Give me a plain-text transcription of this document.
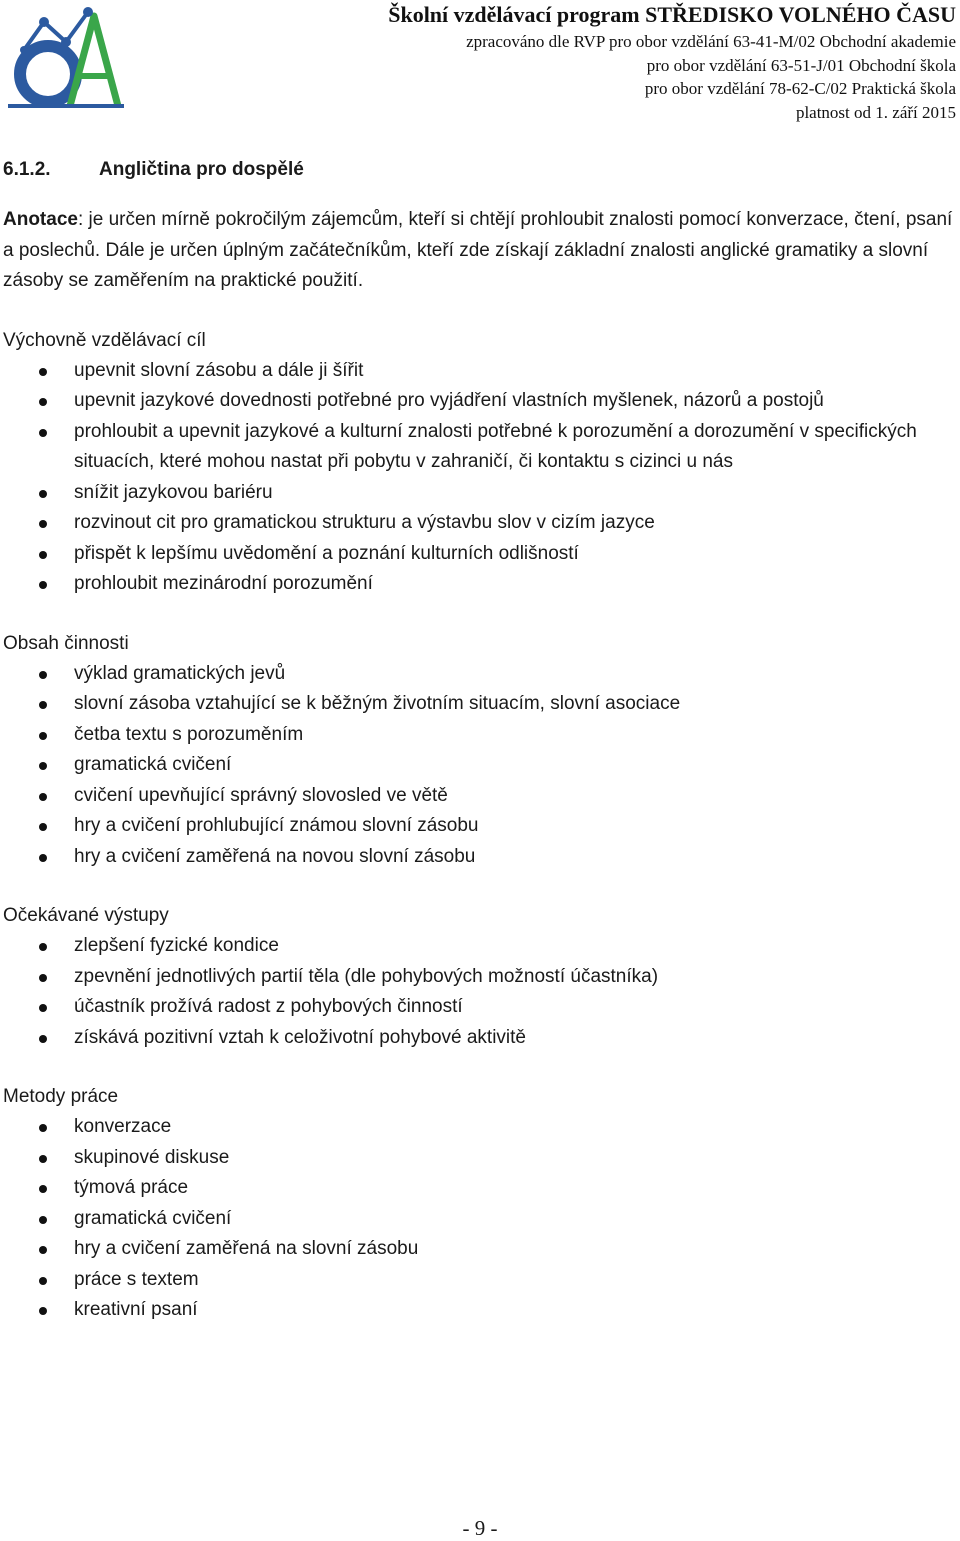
Školní vzdělávací program STŘEDISKO VOLNÉHO ČASU
zpracováno dle RVP pro obor vzdělání 63-41-M/02 Obchodní akademie
pro obor vzdělání 63-51-J/01 Obchodní škola
pro obor vzdělání 78-62-C/02 Praktická škola
platnost od 1. září 2015
6.1.2.	Angličtina pro dospělé

Anotace: je určen mírně pokročilým zájemcům, kteří si chtějí prohloubit znalosti pomocí konverzace, čtení, psaní a poslechů. Dále je určen úplným začátečníkům, kteří zde získají základní znalosti anglické gramatiky a slovní zásoby se zaměřením na praktické použití.

Výchovně vzdělávací cíl
upevnit slovní zásobu a dále ji šířit
upevnit jazykové dovednosti potřebné pro vyjádření vlastních myšlenek, názorů a postojů
prohloubit a upevnit jazykové a kulturní znalosti potřebné k porozumění a dorozumění v specifických situacích, které mohou nastat při pobytu v zahraničí, či kontaktu s cizinci u nás
snížit jazykovou bariéru
rozvinout cit pro gramatickou strukturu a výstavbu slov v cizím jazyce
přispět k lepšímu uvědomění a poznání kulturních odlišností
prohloubit mezinárodní porozumění
Obsah činnosti
výklad gramatických jevů
slovní zásoba vztahující se k běžným životním situacím, slovní asociace
četba textu s porozuměním
gramatická cvičení
cvičení upevňující správný slovosled ve větě
hry a cvičení prohlubující známou slovní zásobu
hry a cvičení zaměřená na novou slovní zásobu
Očekávané výstupy
zlepšení fyzické kondice
zpevnění jednotlivých partií těla (dle pohybových možností účastníka)
účastník prožívá radost z pohybových činností
získává pozitivní vztah k celoživotní pohybové aktivitě
Metody práce
konverzace
skupinové diskuse
týmová práce
gramatická cvičení
hry a cvičení zaměřená na slovní zásobu
práce s textem
kreativní psaní
- 9 -
